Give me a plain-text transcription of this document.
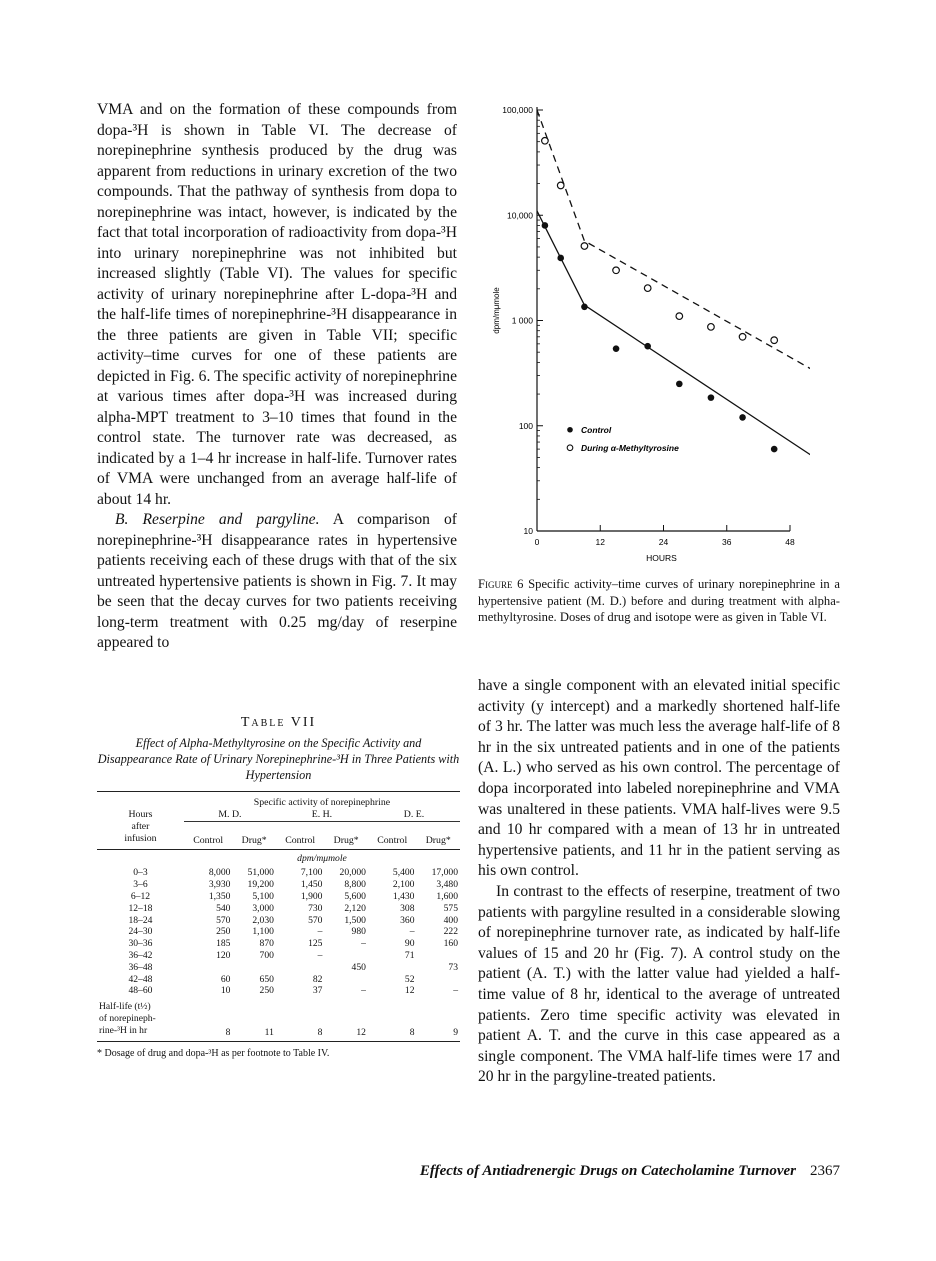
VMA and on the formation of these compounds from dopa-³H is shown in Table VI. The decrease of norepinephrine synthesis produced by the drug was apparent from reductions in urinary excretion of the two compounds. That the pathway of synthesis from dopa to norepinephrine was intact, however, is indicated by the fact that total incorporation of radioactivity from dopa-³H into urinary norepinephrine was not inhibited but increased slightly (Table VI). The values for specific activity of urinary norepinephrine after L-dopa-³H and the half-life times of norepinephrine-³H disappearance in the three patients are given in Table VII; specific activity–time curves for one of these patients are depicted in Fig. 6. The specific activity of norepinephrine at various times after dopa-³H was increased during alpha-MPT treatment to 3–10 times that found in the control state. The turnover rate was decreased, as indicated by a 1–4 hr increase in half-life. Turnover rates of VMA were unchanged from an average half-life of about 14 hr.

B. Reserpine and pargyline. A comparison of norepinephrine-³H disappearance rates in hypertensive patients receiving each of these drugs with that of the six untreated hypertensive patients is shown in Fig. 7. It may be seen that the decay curves for two patients receiving long-term treatment with 0.25 mg/day of reserpine appeared to

Table VII
Effect of Alpha-Methyltyrosine on the Specific Activity and Disappearance Rate of Urinary Norepinephrine-³H in Three Patients with Hypertension
	Specific activity of norepinephrine					
Hours	M. D.		E. H.		D. E.	
after						
infusion	Control	Drug*	Control	Drug*	Control	Drug*
	dpm/mμmole					
0–3	8,000	51,000	7,100	20,000	5,400	17,000
3–6	3,930	19,200	1,450	8,800	2,100	3,480
6–12	1,350	5,100	1,900	5,600	1,430	1,600
12–18	540	3,000	730	2,120	308	575
18–24	570	2,030	570	1,500	360	400
24–30	250	1,100	–	980	–	222
30–36	185	870	125	–	90	160
36–42	120	700	–		71	
36–48				450		73
42–48	60	650	82		52	
48–60	10	250	37	–	12	–

Half-life (t½)						
of norepineph-						
rine-³H in hr	8	11	8	12	8	9
* Dosage of drug and dopa-³H as per footnote to Table IV.
10
100
1 000
10,000
100,000
0	12	24	36	48
HOURS
dpm/mμmole
Control
During α-Methyltyrosine
Figure 6 Specific activity–time curves of urinary norepinephrine in a hypertensive patient (M. D.) before and during treatment with alpha-methyltyrosine. Doses of drug and isotope were as given in Table VI.

have a single component with an elevated initial specific activity (y intercept) and a markedly shortened half-life of 3 hr. The latter was much less the average half-life of 8 hr in the six untreated patients and in one of the patients (A. L.) who served as his own control. The percentage of dopa incorporated into labeled norepinephrine and VMA was unaltered in these patients. VMA half-lives were 9.5 and 10 hr compared with a mean of 13 hr in untreated hypertensive patients, and 11 hr in the patient serving as his own control.

In contrast to the effects of reserpine, treatment of two patients with pargyline resulted in a considerable slowing of norepinephrine turnover rate, as indicated by half-life values of 15 and 20 hr (Fig. 7). A control study on the patient (A. T.) with the latter value had yielded a half-time value of 8 hr, identical to the average of untreated patients. Zero time specific activity was elevated in patient A. T. and the curve in this case appeared as a single component. The VMA half-life times were 17 and 20 hr in the pargyline-treated patients.

Effects of Antiadrenergic Drugs on Catecholamine Turnover 2367
